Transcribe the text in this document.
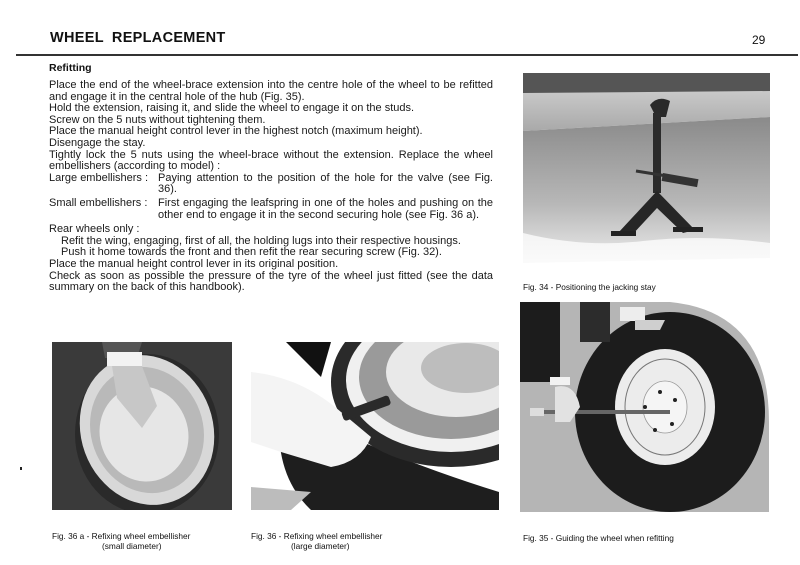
WHEEL REPLACEMENT	29
Refitting

Place the end of the wheel-brace extension into the centre hole of the wheel to be refitted and engage it in the central hole of the hub (Fig. 35).

Hold the extension, raising it, and slide the wheel to engage it on the studs.

Screw on the 5 nuts without tightening them.

Place the manual height control lever in the highest notch (maximum height).

Disengage the stay.

Tightly lock the 5 nuts using the wheel-brace without the extension. Replace the wheel embellishers (according to model) :

Large embellishers : Paying attention to the position of the hole for the valve (see Fig. 36).
Small embellishers : First engaging the leafspring in one of the holes and pushing on the other end to engage it in the second securing hole (see Fig. 36 a).

Rear wheels only :

Refit the wing, engaging, first of all, the holding lugs into their respective housings.

Push it home towards the front and then refit the rear securing screw (Fig. 32).

Place the manual height control lever in its original position.

Check as soon as possible the pressure of the tyre of the wheel just fitted (see the data summary on the back of this handbook).	Fig. 34 - Positioning the jacking stay
Fig. 36 a - Refixing wheel embellisher
(small diameter)
Fig. 36 - Refixing wheel embellisher
(large diameter)
Fig. 35 - Guiding the wheel when refitting
